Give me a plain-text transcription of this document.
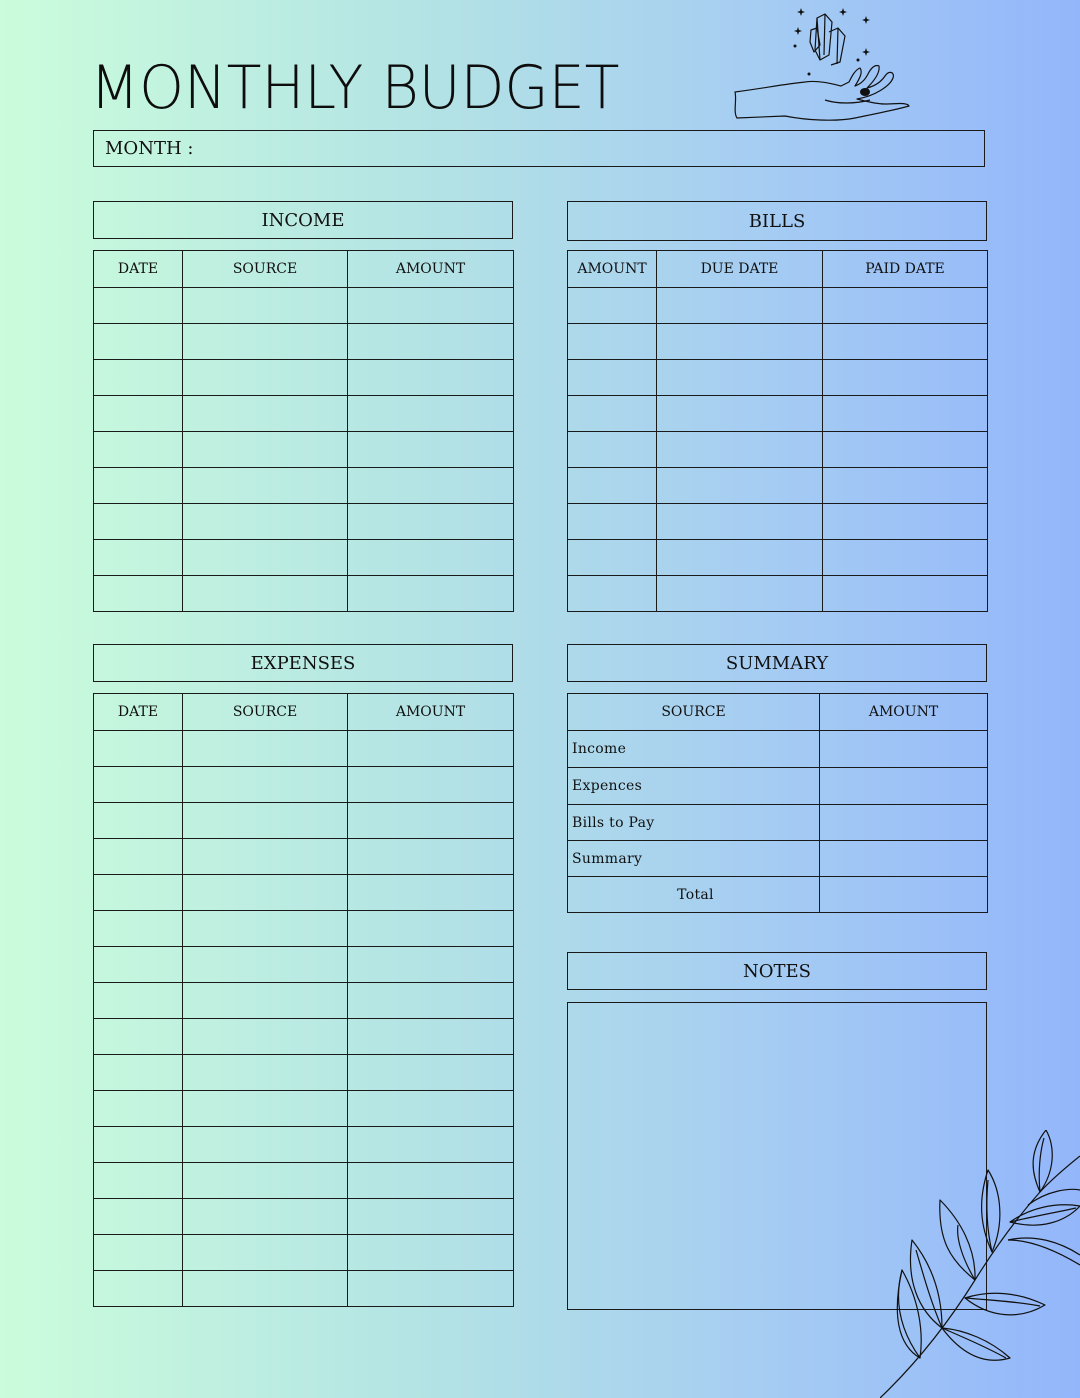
MONTHLY BUDGET
MONTH :
INCOME
DATE	SOURCE	AMOUNT

BILLS
AMOUNT	DUE DATE	PAID DATE

EXPENSES
DATE	SOURCE	AMOUNT

SUMMARY
SOURCE	AMOUNT
Income	
Expences	
Bills to Pay	
Summary	
Total	
NOTES
